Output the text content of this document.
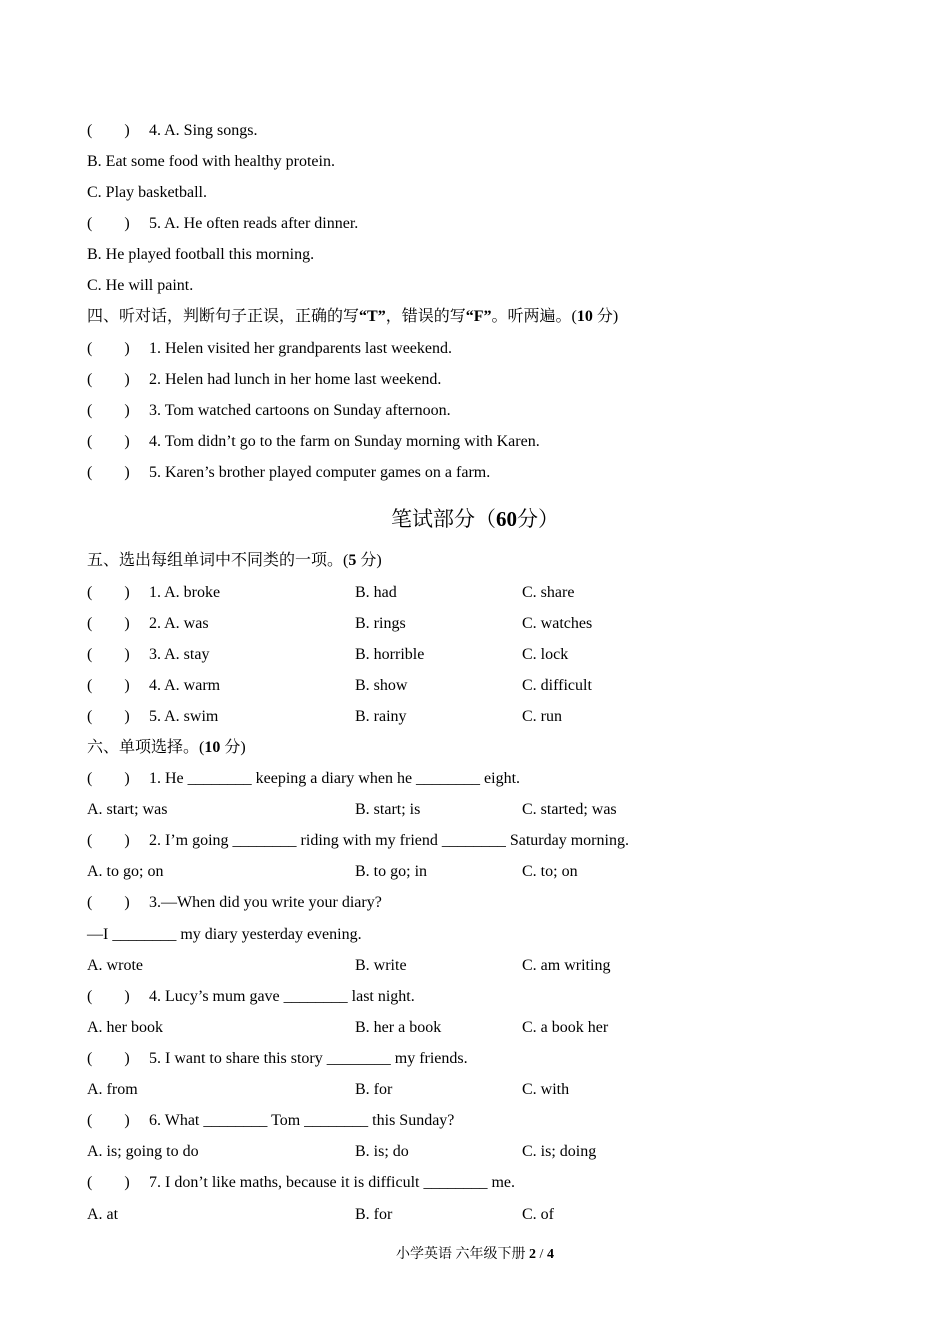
(        ) 4. A. Sing songs.
B. Eat some food with healthy protein.
C. Play basketball.
(        ) 5. A. He often reads after dinner.
B. He played football this morning.
C. He will paint.
四、听对话，判断句子正误，正确的写“T”，错误的写“F”。听两遍。(10 分)
(        ) 1. Helen visited her grandparents last weekend.
(        ) 2. Helen had lunch in her home last weekend.
(        ) 3. Tom watched cartoons on Sunday afternoon.
(        ) 4. Tom didn’t go to the farm on Sunday morning with Karen.
(        ) 5. Karen’s brother played computer games on a farm.
笔试部分（60分）
五、选出每组单词中不同类的一项。(5 分)
(        ) 1. A. broke	B. had	C. share
(        ) 2. A. was	B. rings	C. watches
(        ) 3. A. stay	B. horrible	C. lock
(        ) 4. A. warm	B. show	C. difficult
(        ) 5. A. swim	B. rainy	C. run
六、单项选择。(10 分)
(        ) 1. He ________ keeping a diary when he ________ eight.
A. start; was	B. start; is	C. started; was
(        ) 2. I’m going ________ riding with my friend ________ Saturday morning.
A. to go; on	B. to go; in	C. to; on
(        ) 3.—When did you write your diary?
—I ________ my diary yesterday evening.
A. wrote	B. write	C. am writing
(        ) 4. Lucy’s mum gave ________ last night.
A. her book	B. her a book	C. a book her
(        ) 5. I want to share this story ________ my friends.
A. from	B. for	C. with
(        ) 6. What ________ Tom ________ this Sunday?
A. is; going to do	B. is; do	C. is; doing
(        ) 7. I don’t like maths, because it is difficult ________ me.
A. at	B. for	C. of
小学英语 六年级下册 2 / 4
